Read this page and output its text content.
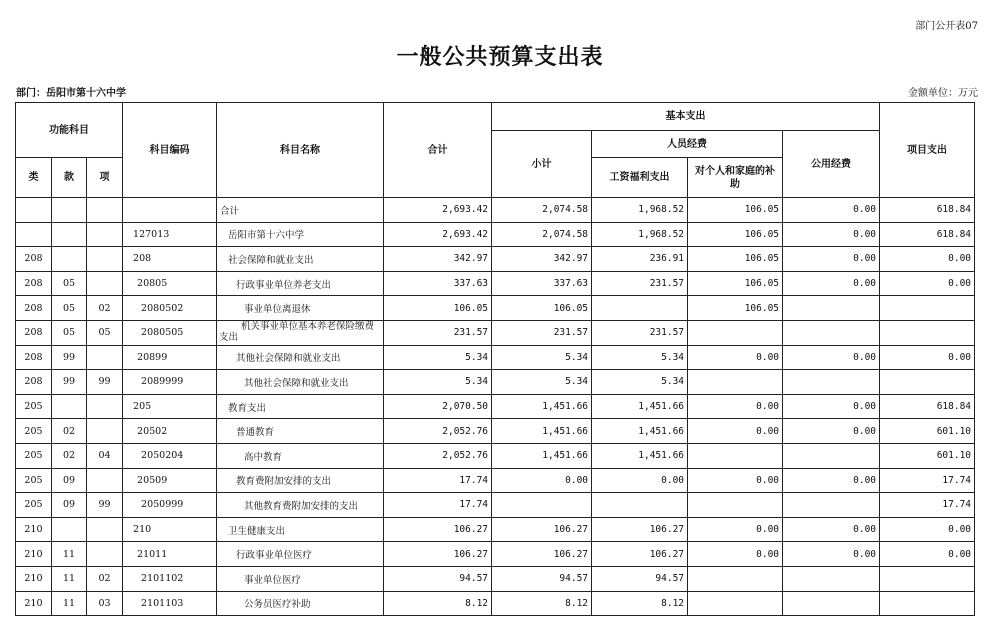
部门公开表07
一般公共预算支出表
部门：岳阳市第十六中学	金额单位：万元
功能科目			科目编码	科目名称	合计	基本支出				项目支出
						小计	人员经费		公用经费	
类	款	项					工资福利支出	对个人和家庭的补助		
				合计	2,693.42	2,074.58	1,968.52	106.05	0.00	618.84
			127013	岳阳市第十六中学	2,693.42	2,074.58	1,968.52	106.05	0.00	618.84
208			208	社会保障和就业支出	342.97	342.97	236.91	106.05	0.00	0.00
208	05		20805	行政事业单位养老支出	337.63	337.63	231.57	106.05	0.00	0.00
208	05	02	2080502	事业单位离退休	106.05	106.05		106.05		
208	05	05	2080505	机关事业单位基本养老保险缴费支出	231.57	231.57	231.57			
208	99		20899	其他社会保障和就业支出	5.34	5.34	5.34	0.00	0.00	0.00
208	99	99	2089999	其他社会保障和就业支出	5.34	5.34	5.34			
205			205	教育支出	2,070.50	1,451.66	1,451.66	0.00	0.00	618.84
205	02		20502	普通教育	2,052.76	1,451.66	1,451.66	0.00	0.00	601.10
205	02	04	2050204	高中教育	2,052.76	1,451.66	1,451.66			601.10
205	09		20509	教育费附加安排的支出	17.74	0.00	0.00	0.00	0.00	17.74
205	09	99	2050999	其他教育费附加安排的支出	17.74					17.74
210			210	卫生健康支出	106.27	106.27	106.27	0.00	0.00	0.00
210	11		21011	行政事业单位医疗	106.27	106.27	106.27	0.00	0.00	0.00
210	11	02	2101102	事业单位医疗	94.57	94.57	94.57			
210	11	03	2101103	公务员医疗补助	8.12	8.12	8.12			
